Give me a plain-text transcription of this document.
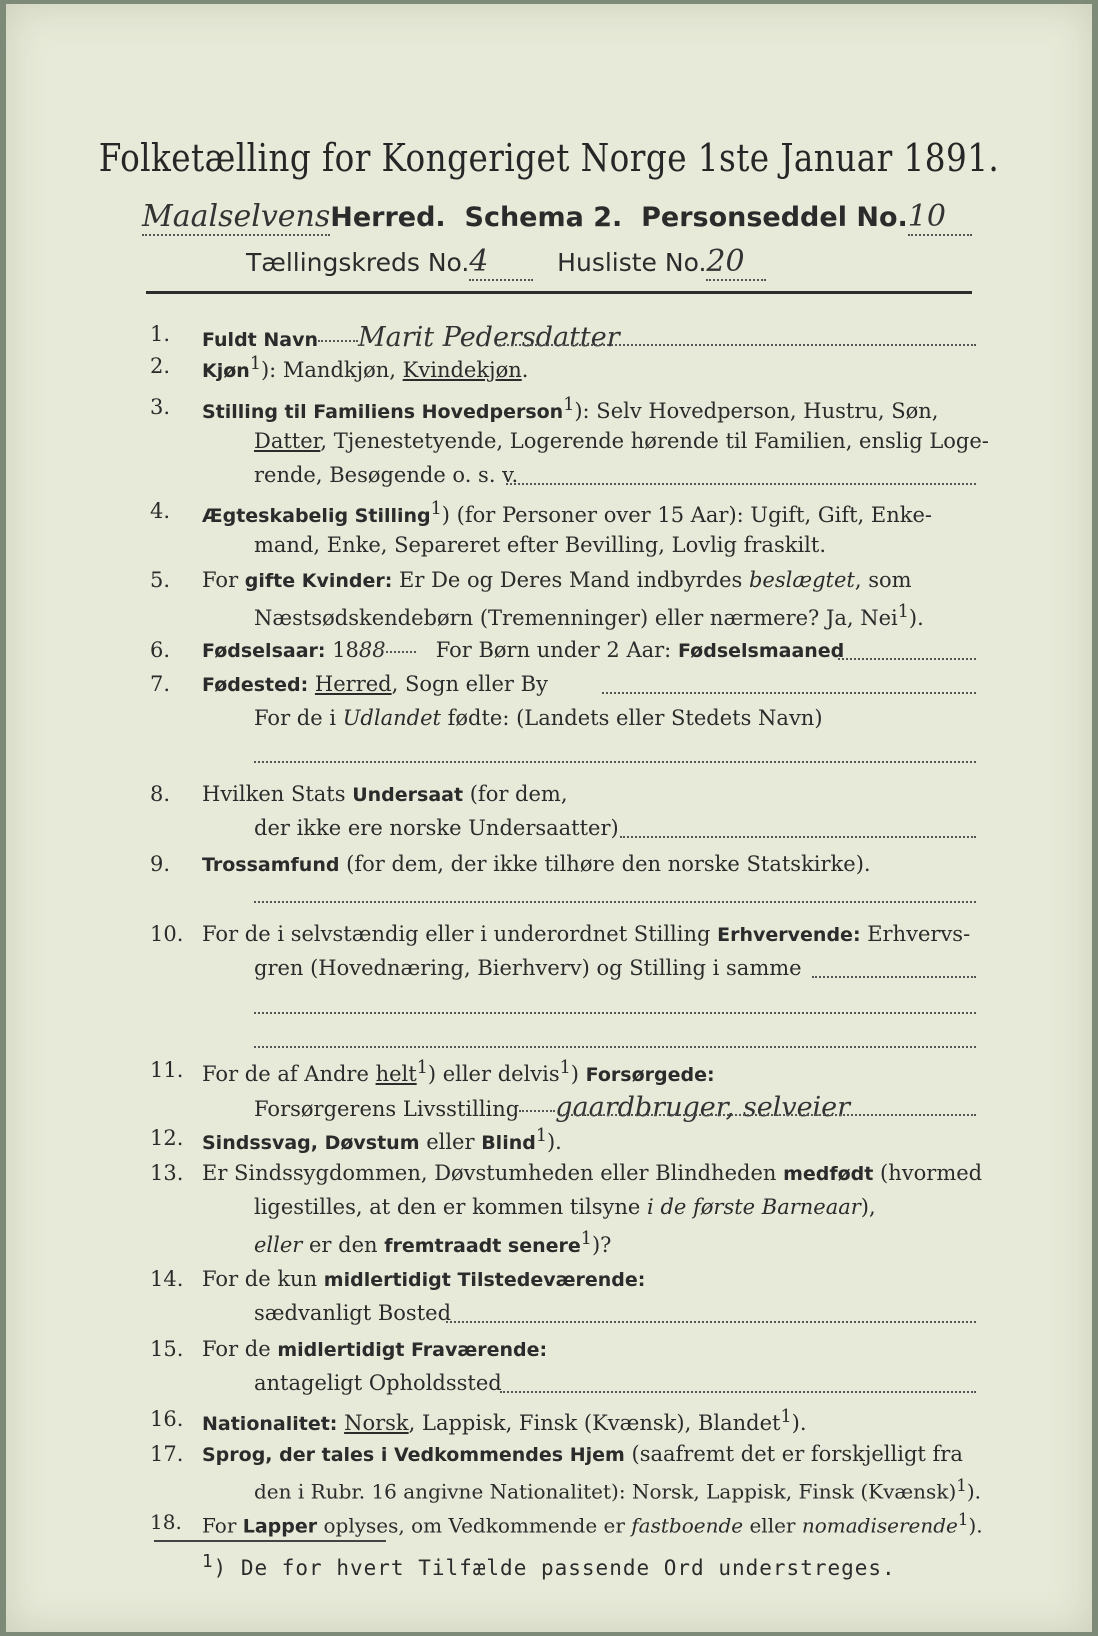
Folketælling for Kongeriget Norge 1ste Januar 1891.
MaalselvensHerred. Schema 2. Personseddel No.10
Tællingskreds No.4	Husliste No.20
1.	Fuldt Navn Marit Pedersdatter
2.	Kjøn$^1$): Mandkjøn, Kvindekjøn.
3.	Stilling til Familiens Hovedperson$^1$): Selv Hovedperson, Hustru, Søn,
Datter, Tjenestetyende, Logerende hørende til Familien, enslig Loge-
rende, Besøgende o. s. v.
4.	Ægteskabelig Stilling$^1$) (for Personer over 15 Aar): Ugift, Gift, Enke-
mand, Enke, Separeret efter Bevilling, Lovlig fraskilt.
5.	For gifte Kvinder: Er De og Deres Mand indbyrdes beslægtet, som
Næstsødskendebørn (Tremenninger) eller nærmere? Ja, Nei$^1$).
6.	Fødselsaar: 1888 For Børn under 2 Aar: Fødselsmaaned
7.	Fødested: Herred, Sogn eller By
For de i Udlandet fødte: (Landets eller Stedets Navn)
8.	Hvilken Stats Undersaat (for dem,
der ikke ere norske Undersaatter)
9.	Trossamfund (for dem, der ikke tilhøre den norske Statskirke).
10. For de i selvstændig eller i underordnet Stilling Erhvervende: Erhvervs-
gren (Hovednæring, Bierhverv) og Stilling i samme
11. For de af Andre helt$^1$) eller delvis$^1$) Forsørgede:
Forsørgerens Livsstilling gaardbruger, selveier
12. Sindssvag, Døvstum eller Blind$^1$).
13. Er Sindssygdommen, Døvstumheden eller Blindheden medfødt (hvormed
ligestilles, at den er kommen tilsyne i de første Barneaar),
eller er den fremtraadt senere$^1$)?
14. For de kun midlertidigt Tilstedeværende:
sædvanligt Bosted
15. For de midlertidigt Fraværende:
antageligt Opholdssted
16. Nationalitet: Norsk, Lappisk, Finsk (Kvænsk), Blandet$^1$).
17. Sprog, der tales i Vedkommendes Hjem (saafremt det er forskjelligt fra
den i Rubr. 16 angivne Nationalitet): Norsk, Lappisk, Finsk (Kvænsk)$^1$).
18.	For Lapper oplyses, om Vedkommende er fastboende eller nomadiserende$^1$).
$^1$) De for hvert Tilfælde passende Ord understreges.
